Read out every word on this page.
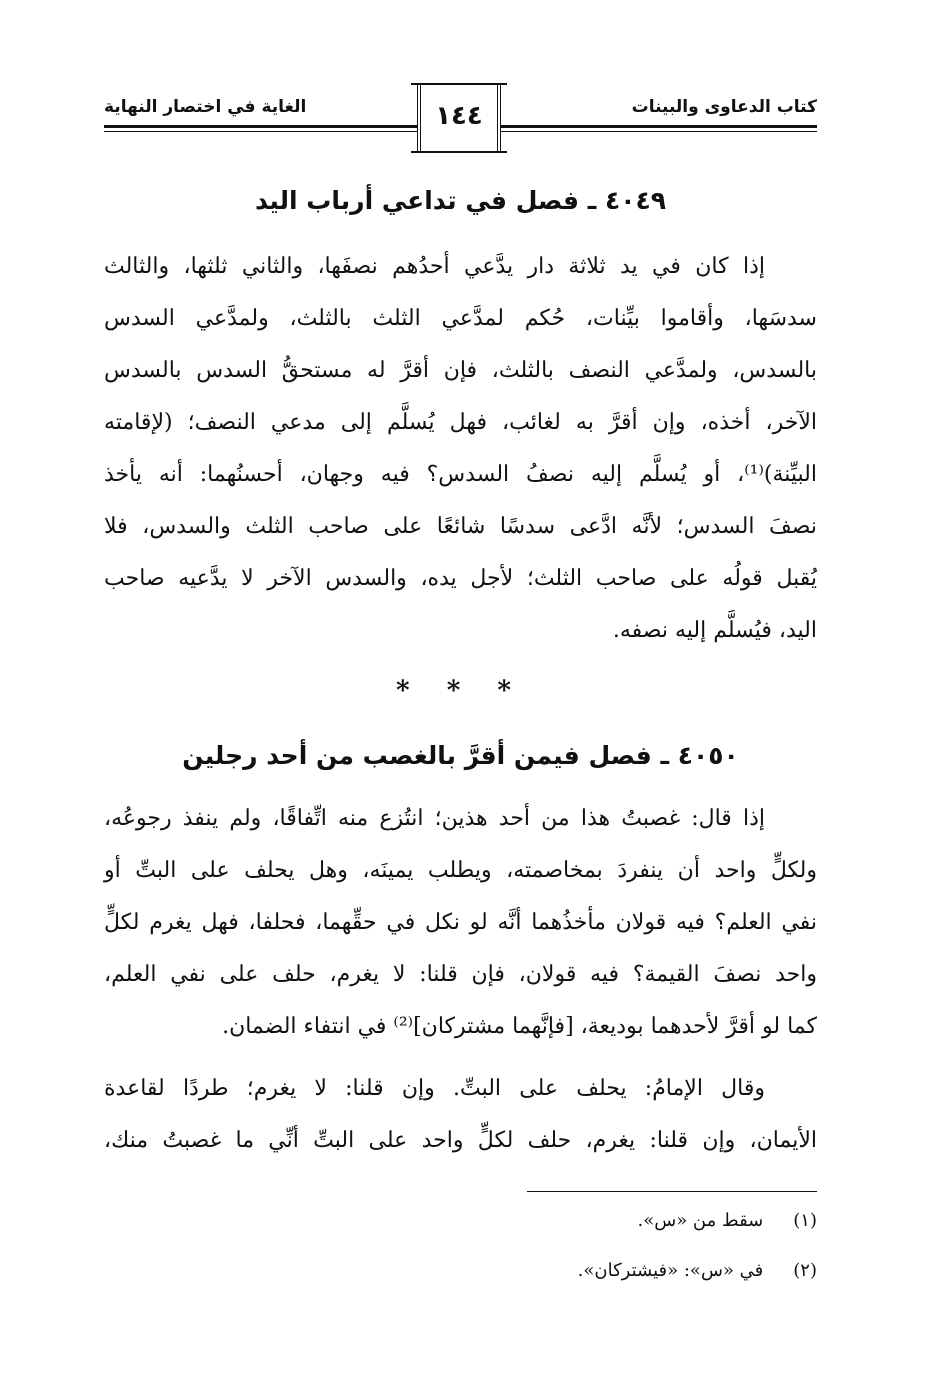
كتاب الدعاوى والبينات
الغاية في اختصار النهاية	١٤٤
٤٠٤٩ ـ فصل في تداعي أرباب اليد
إذا كان في يد ثلاثة دار يدَّعي أحدُهم نصفَها، والثاني ثلثها، والثالث
سدسَها، وأقاموا بيِّنات، حُكم لمدَّعي الثلث بالثلث، ولمدَّعي السدس
بالسدس، ولمدَّعي النصف بالثلث، فإن أقرَّ له مستحقُّ السدس بالسدس
الآخر، أخذه، وإن أقرَّ به لغائب، فهل يُسلَّم إلى مدعي النصف؛ (لإقامته
البيِّنة)⁽¹⁾، أو يُسلَّم إليه نصفُ السدس؟ فيه وجهان، أحسنُهما: أنه يأخذ
نصفَ السدس؛ لأنَّه ادَّعى سدسًا شائعًا على صاحب الثلث والسدس، فلا
يُقبل قولُه على صاحب الثلث؛ لأجل يده، والسدس الآخر لا يدَّعيه صاحب
اليد، فيُسلَّم إليه نصفه.
* * *
٤٠٥٠ ـ فصل فيمن أقرَّ بالغصب من أحد رجلين
إذا قال: غصبتُ هذا من أحد هذين؛ انتُزع منه اتِّفاقًا، ولم ينفذ رجوعُه،
ولكلٍّ واحد أن ينفردَ بمخاصمته، ويطلب يمينَه، وهل يحلف على البتِّ أو
نفي العلم؟ فيه قولان مأخذُهما أنَّه لو نكل في حقِّهما، فحلفا، فهل يغرم لكلٍّ
واحد نصفَ القيمة؟ فيه قولان، فإن قلنا: لا يغرم، حلف على نفي العلم،
كما لو أقرَّ لأحدهما بوديعة، [فإنَّهما مشتركان]⁽²⁾ في انتفاء الضمان.
وقال الإمامُ: يحلف على البتِّ. وإن قلنا: لا يغرم؛ طردًا لقاعدة
الأيمان، وإن قلنا: يغرم، حلف لكلٍّ واحد على البتِّ أنِّي ما غصبتُ منك،
(١) سقط من «س».
(٢) في «س»: «فيشتركان».
